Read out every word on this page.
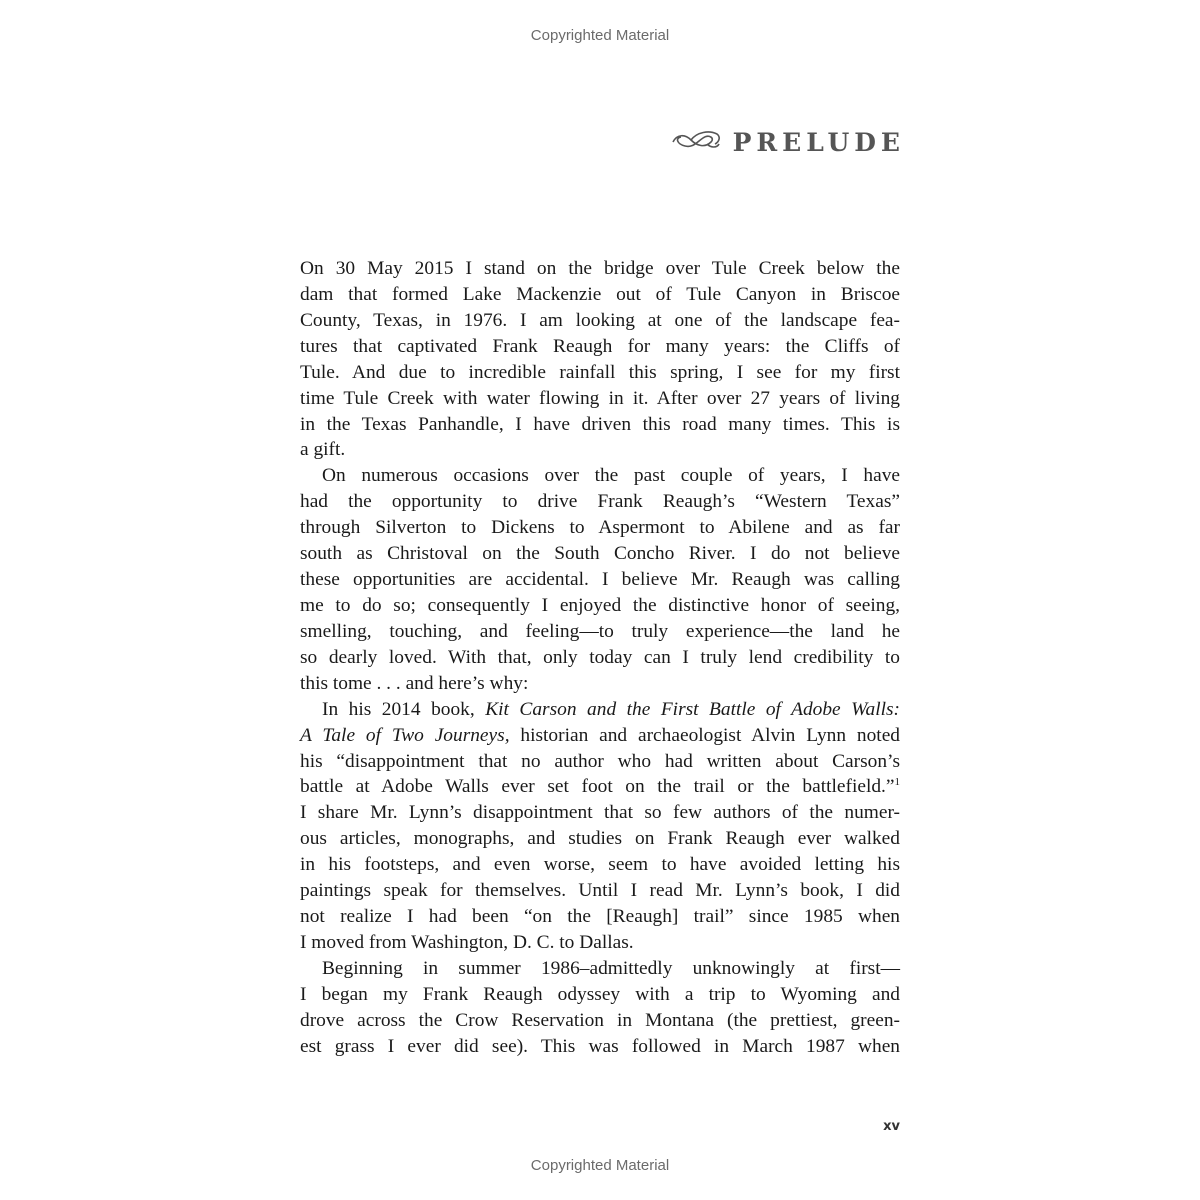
Copyrighted Material
PRELUDE
On 30 May 2015 I stand on the bridge over Tule Creek below the
dam that formed Lake Mackenzie out of Tule Canyon in Briscoe
County, Texas, in 1976. I am looking at one of the landscape fea-
tures that captivated Frank Reaugh for many years: the Cliffs of
Tule. And due to incredible rainfall this spring, I see for my first
time Tule Creek with water flowing in it. After over 27 years of living
in the Texas Panhandle, I have driven this road many times. This is
a gift.
On numerous occasions over the past couple of years, I have
had the opportunity to drive Frank Reaugh’s “Western Texas”
through Silverton to Dickens to Aspermont to Abilene and as far
south as Christoval on the South Concho River. I do not believe
these opportunities are accidental. I believe Mr. Reaugh was calling
me to do so; consequently I enjoyed the distinctive honor of seeing,
smelling, touching, and feeling—to truly experience—the land he
so dearly loved. With that, only today can I truly lend credibility to
this tome . . . and here’s why:
In his 2014 book, Kit Carson and the First Battle of Adobe Walls:
A Tale of Two Journeys, historian and archaeologist Alvin Lynn noted
his “disappointment that no author who had written about Carson’s
battle at Adobe Walls ever set foot on the trail or the battlefield.”$^1$
I share Mr. Lynn’s disappointment that so few authors of the numer-
ous articles, monographs, and studies on Frank Reaugh ever walked
in his footsteps, and even worse, seem to have avoided letting his
paintings speak for themselves. Until I read Mr. Lynn’s book, I did
not realize I had been “on the [Reaugh] trail” since 1985 when
I moved from Washington, D. C. to Dallas.
Beginning in summer 1986–admittedly unknowingly at first—
I began my Frank Reaugh odyssey with a trip to Wyoming and
drove across the Crow Reservation in Montana (the prettiest, green-
est grass I ever did see). This was followed in March 1987 when
xv
Copyrighted Material
